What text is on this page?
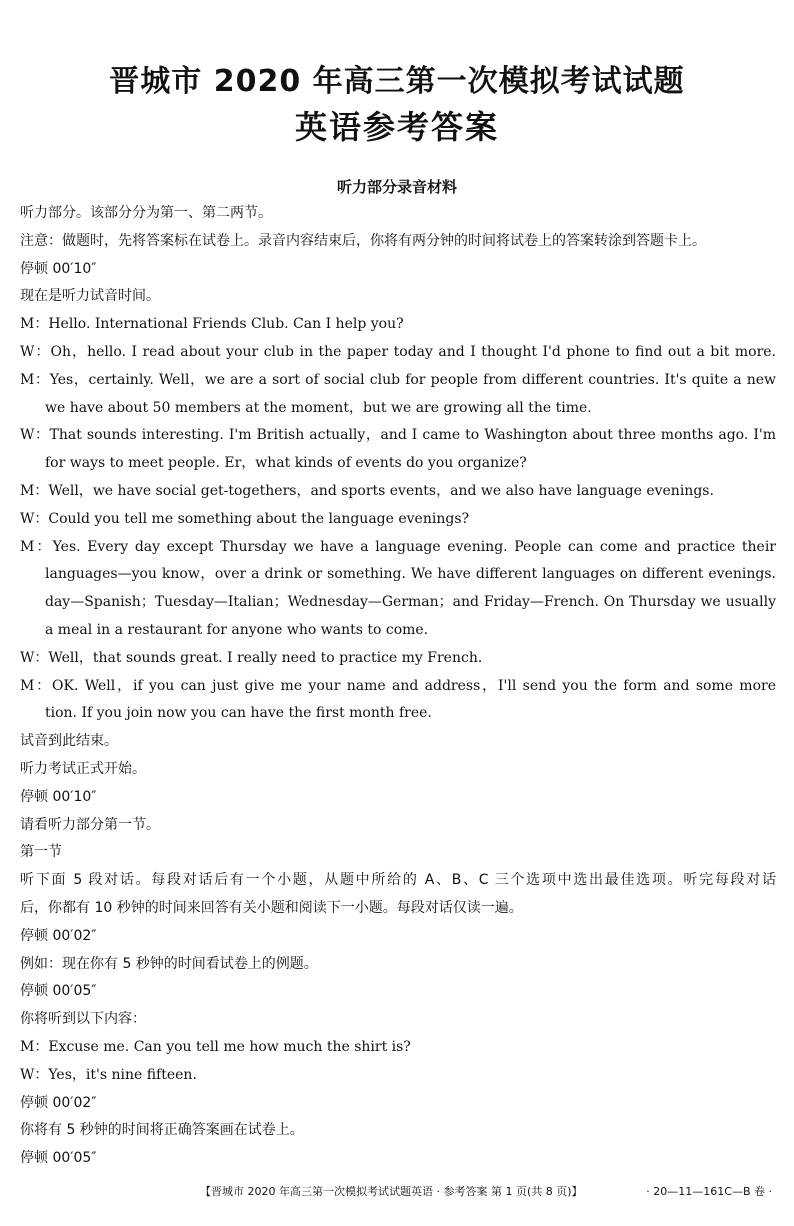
晋城市 2020 年高三第一次模拟考试试题
英语参考答案
听力部分录音材料
听力部分。该部分分为第一、第二两节。
注意：做题时，先将答案标在试卷上。录音内容结束后，你将有两分钟的时间将试卷上的答案转涂到答题卡上。
停顿 00′10″
现在是听力试音时间。
M：Hello. International Friends Club. Can I help you?
W：Oh，hello. I read about your club in the paper today and I thought I'd phone to find out a bit more.
M：Yes，certainly. Well，we are a sort of social club for people from different countries. It's quite a new
we have about 50 members at the moment，but we are growing all the time.
W：That sounds interesting. I'm British actually，and I came to Washington about three months ago. I'm
for ways to meet people. Er，what kinds of events do you organize?
M：Well，we have social get-togethers，and sports events，and we also have language evenings.
W：Could you tell me something about the language evenings?
M：Yes. Every day except Thursday we have a language evening. People can come and practice their
languages—you know，over a drink or something. We have different languages on different evenings.
day—Spanish；Tuesday—Italian；Wednesday—German；and Friday—French. On Thursday we usually
a meal in a restaurant for anyone who wants to come.
W：Well，that sounds great. I really need to practice my French.
M：OK. Well，if you can just give me your name and address，I'll send you the form and some more
tion. If you join now you can have the first month free.
试音到此结束。
听力考试正式开始。
停顿 00′10″
请看听力部分第一节。
第一节
听下面 5 段对话。每段对话后有一个小题，从题中所给的 A、B、C 三个选项中选出最佳选项。听完每段对话
后，你都有 10 秒钟的时间来回答有关小题和阅读下一小题。每段对话仅读一遍。
停顿 00′02″
例如：现在你有 5 秒钟的时间看试卷上的例题。
停顿 00′05″
你将听到以下内容：
M：Excuse me. Can you tell me how much the shirt is?
W：Yes，it's nine fifteen.
停顿 00′02″
你将有 5 秒钟的时间将正确答案画在试卷上。
停顿 00′05″
【晋城市 2020 年高三第一次模拟考试试题英语 · 参考答案 第 1 页(共 8 页)】	· 20—11—161C—B 卷 ·
